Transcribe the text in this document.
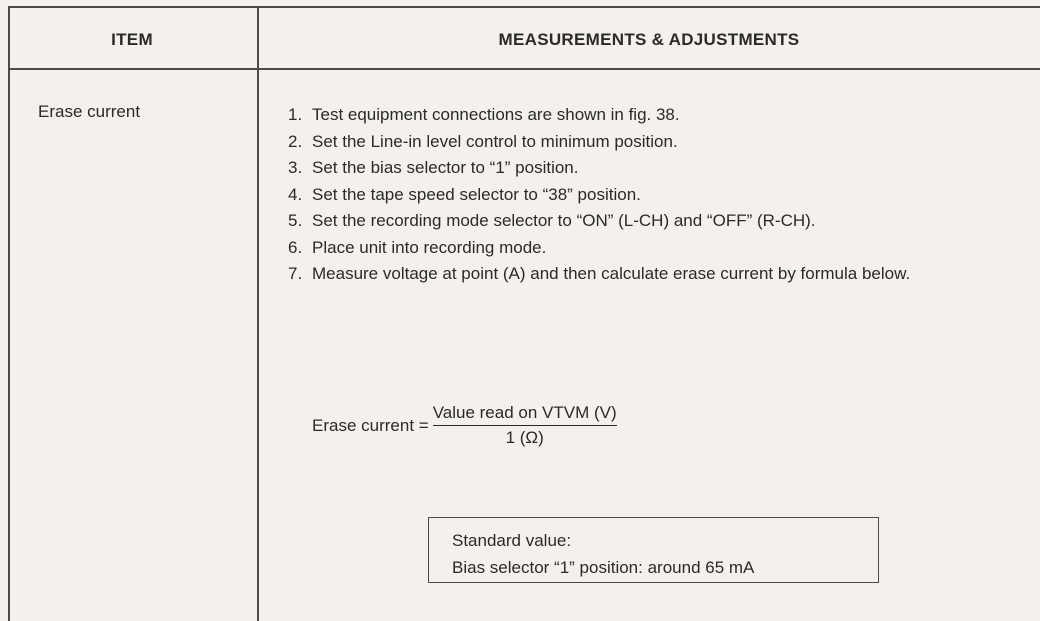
ITEM	MEASUREMENTS & ADJUSTMENTS
Erase current	1. Test equipment connections are shown in fig. 38.
2. Set the Line-in level control to minimum position.
3. Set the bias selector to “1” position.
4. Set the tape speed selector to “38” position.
5. Set the recording mode selector to “ON” (L-CH) and “OFF” (R-CH).
6. Place unit into recording mode.
7. Measure voltage at point (A) and then calculate erase current by formula below.
Erase current = $\frac{\text{Value read on VTVM (V)}}{1 (\Omega)}$
Standard value:
Bias selector “1” position: around 65 mA
